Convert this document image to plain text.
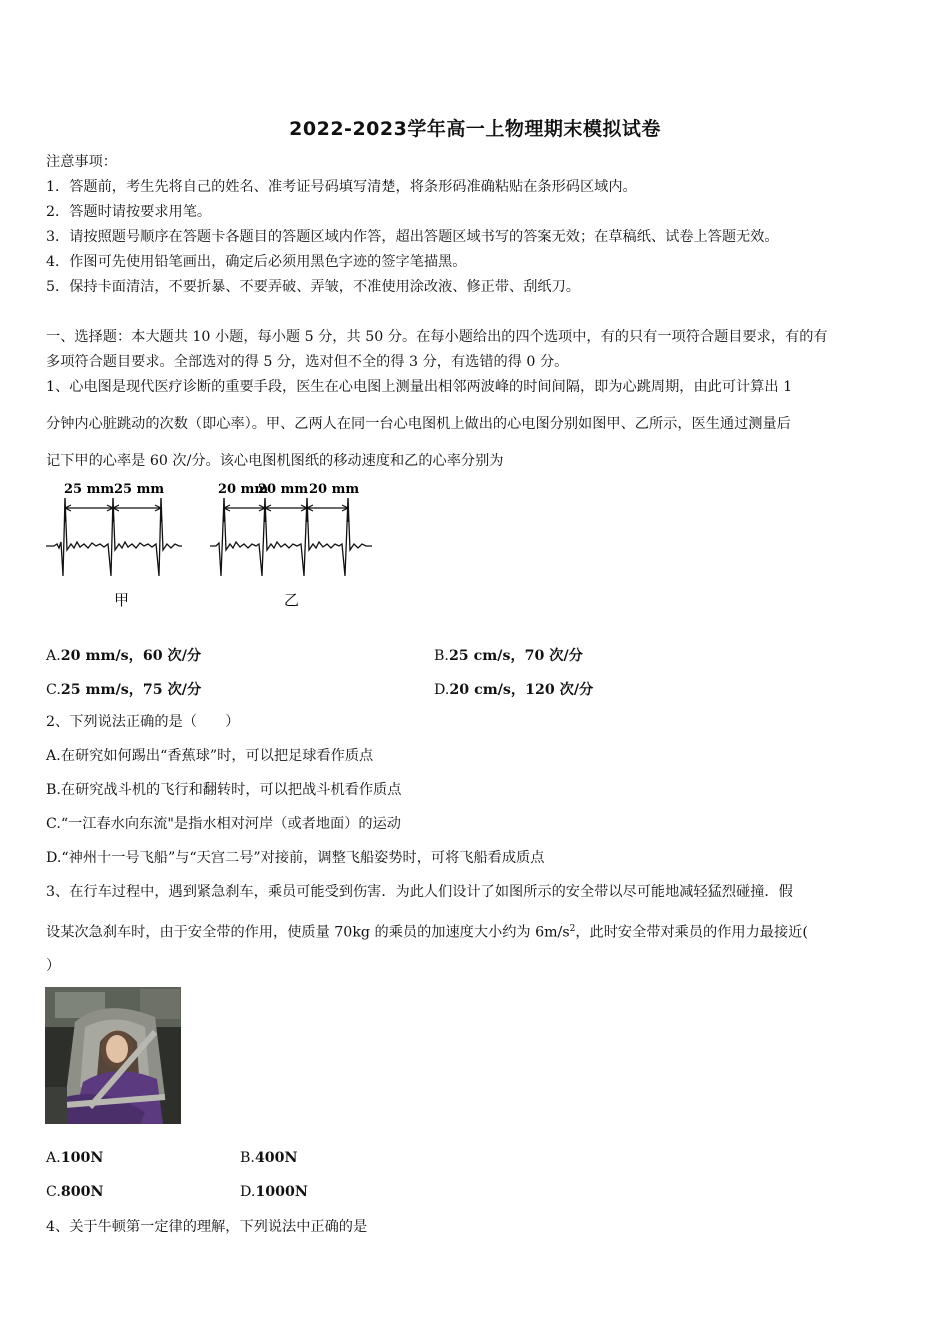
2022-2023学年高一上物理期末模拟试卷
注意事项：
1．答题前，考生先将自己的姓名、准考证号码填写清楚，将条形码准确粘贴在条形码区域内。
2．答题时请按要求用笔。
3．请按照题号顺序在答题卡各题目的答题区域内作答，超出答题区域书写的答案无效；在草稿纸、试卷上答题无效。
4．作图可先使用铅笔画出，确定后必须用黑色字迹的签字笔描黑。
5．保持卡面清洁，不要折暴、不要弄破、弄皱，不准使用涂改液、修正带、刮纸刀。
一、选择题：本大题共 10 小题，每小题 5 分，共 50 分。在每小题给出的四个选项中，有的只有一项符合题目要求，有的有
多项符合题目要求。全部选对的得 5 分，选对但不全的得 3 分，有选错的得 0 分。
1、心电图是现代医疗诊断的重要手段，医生在心电图上测量出相邻两波峰的时间间隔，即为心跳周期，由此可计算出 1
分钟内心脏跳动的次数（即心率）。甲、乙两人在同一台心电图机上做出的心电图分别如图甲、乙所示，医生通过测量后
记下甲的心率是 60 次/分。该心电图机图纸的移动速度和乙的心率分别为
25 mm 25 mm	20 mm
20 mm 20 mm
甲	乙
A.20 mm/s，60 次/分	B.25 cm/s，70 次/分
C.25 mm/s，75 次/分	D.20 cm/s，120 次/分
2、下列说法正确的是（　　）
A.在研究如何踢出“香蕉球”时，可以把足球看作质点
B.在研究战斗机的飞行和翻转时，可以把战斗机看作质点
C.“一江春水向东流"是指水相对河岸（或者地面）的运动
D.“神州十一号飞船”与“天宫二号”对接前，调整飞船姿势时，可将飞船看成质点
3、在行车过程中，遇到紧急刹车，乘员可能受到伤害．为此人们设计了如图所示的安全带以尽可能地减轻猛烈碰撞．假
设某次急刹车时，由于安全带的作用，使质量 70kg 的乘员的加速度大小约为 $6m/s^2$，此时安全带对乘员的作用力最接近(
）
A.100N	B.400N
C.800N	D.1000N
4、关于牛顿第一定律的理解，下列说法中正确的是
